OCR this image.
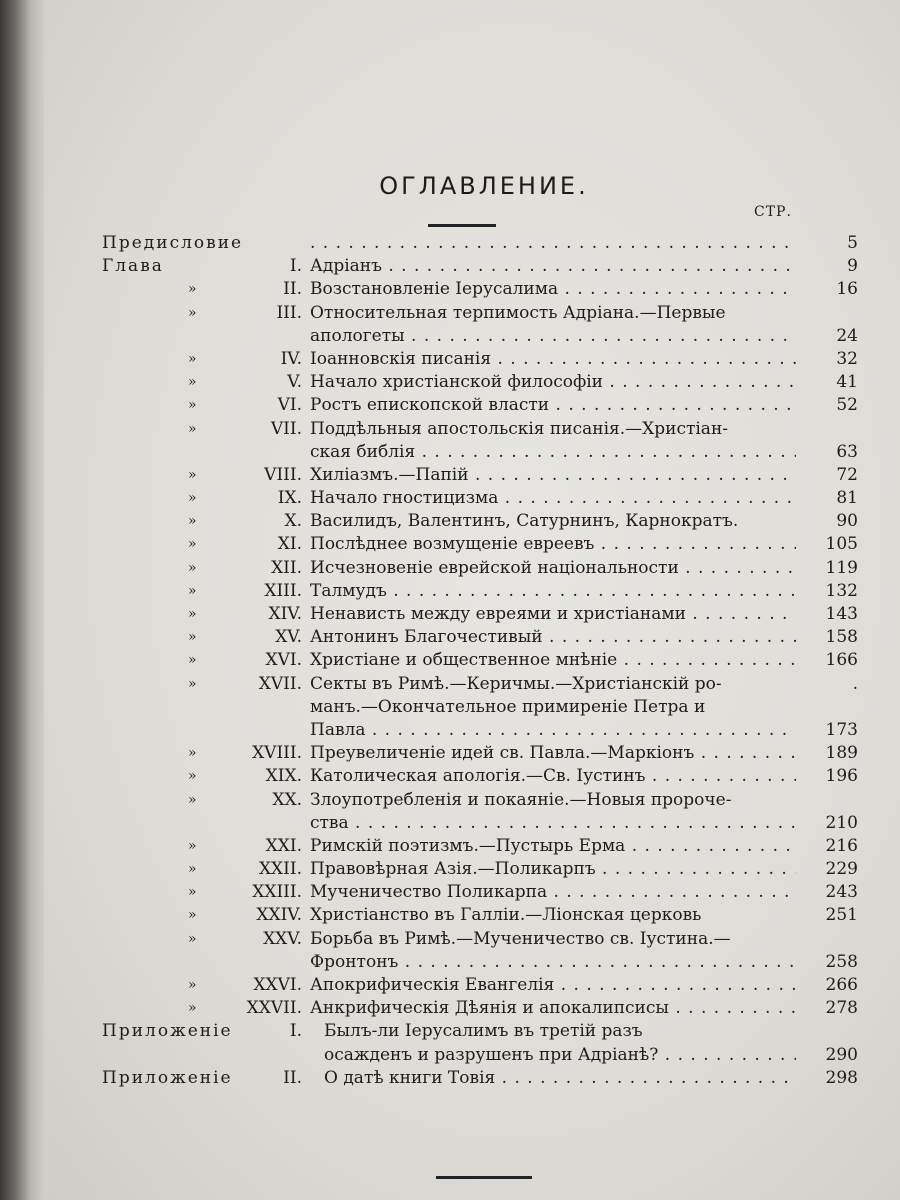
ОГЛАВЛЕНИЕ.
СТР.
Предисловие . . .	5
Глава	I. Адріанъ . . .	9
»	II. Возстановленіе Іерусалима . . .	16
»	III. Относительная терпимость Адріана.—Первые
апологеты . . .	24
»	IV. Іоанновскія писанія . . .	32
»	V. Начало христіанской философіи . . .	41
»	VI. Ростъ епископской власти . . .	52
»	VII. Поддѣльныя апостольскія писанія.—Христіан-
ская библія . . .	63
»	VIII. Хиліазмъ.—Папій . . .	72
»	IX. Начало гностицизма . . .	81
»	X. Василидъ, Валентинъ, Сатурнинъ, Карнократъ.	90
»	XI. Послѣднее возмущеніе евреевъ . . .	105
»	XII. Исчезновеніе еврейской національности . . .	119
»	XIII. Талмудъ . . .	132
»	XIV. Ненависть между евреями и христіанами . . .	143
»	XV. Антонинъ Благочестивый . . .	158
»	XVI. Христіане и общественное мнѣніе . . .	166
»	XVII. Секты въ Римѣ.—Керичмы.—Христіанскій ро-	.
манъ.—Окончательное примиреніе Петра и
Павла . . .	173
»	XVIII. Преувеличеніе идей св. Павла.—Маркіонъ . . .	189
»	XIX. Католическая апологія.—Св. Іустинъ . . .	196
»	XX. Злоупотребленія и покаяніе.—Новыя пророче-
ства . . .	210
»	XXI. Римскій поэтизмъ.—Пустырь Ерма . . .	216
»	XXII. Правовѣрная Азія.—Поликарпъ . . .	229
»	XXIII. Мученичество Поликарпа . . .	243
»	XXIV. Христіанство въ Галліи.—Ліонская церковь	251
»	XXV. Борьба въ Римѣ.—Мученичество св. Іустина.—
Фронтонъ . . .	258
»	XXVI. Апокрифическія Евангелія . . .	266
»	XXVII. Анкрифическія Дѣянія и апокалипсисы . . .	278
Приложеніе	I. Былъ-ли Іерусалимъ въ третій разъ
осажденъ и разрушенъ при Адріанѣ? . . .	290
Приложеніе	II. О датѣ книги Товія . . .	298
